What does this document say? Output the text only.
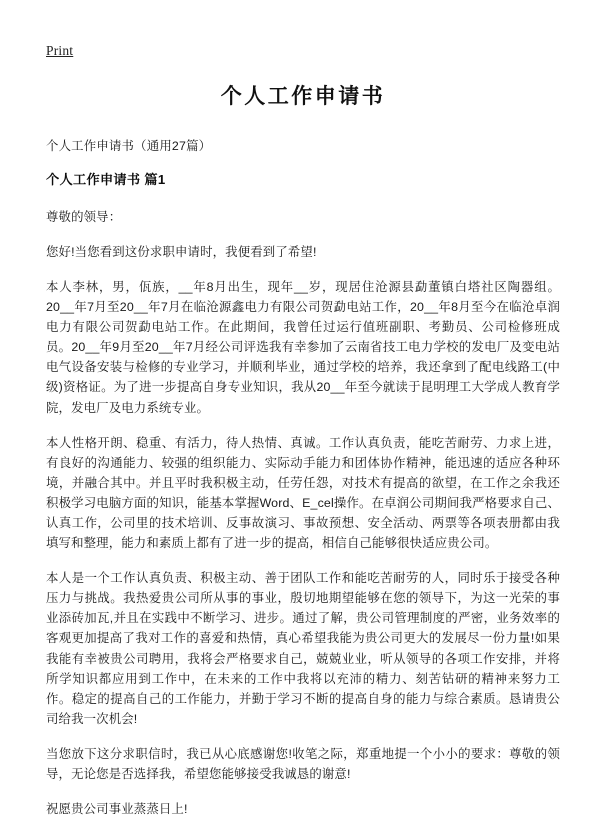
Print
个人工作申请书

个人工作申请书（通用27篇）

个人工作申请书 篇1

尊敬的领导：

您好!当您看到这份求职申请时，我便看到了希望!

本人李林，男，佤族，__年8月出生，现年__岁，现居住沧源县勐董镇白塔社区陶器组。20__年7月至20__年7月在临沧源鑫电力有限公司贺勐电站工作，20__年8月至今在临沧卓润电力有限公司贺勐电站工作。在此期间，我曾任过运行值班副职、考勤员、公司检修班成员。20__年9月至20__年7月经公司评选我有幸参加了云南省技工电力学校的发电厂及变电站电气设备安装与检修的专业学习，并顺利毕业，通过学校的培养，我还拿到了配电线路工(中级)资格证。为了进一步提高自身专业知识，我从20__年至今就读于昆明理工大学成人教育学院，发电厂及电力系统专业。

本人性格开朗、稳重、有活力，待人热情、真诚。工作认真负责，能吃苦耐劳、力求上进，有良好的沟通能力、较强的组织能力、实际动手能力和团体协作精神，能迅速的适应各种环境，并融合其中。并且平时我积极主动，任劳任怨，对技术有提高的欲望，在工作之余我还积极学习电脑方面的知识，能基本掌握Word、E_cel操作。在卓润公司期间我严格要求自己、认真工作，公司里的技术培训、反事故演习、事故预想、安全活动、两票等各项表册都由我填写和整理，能力和素质上都有了进一步的提高，相信自己能够很快适应贵公司。

本人是一个工作认真负责、积极主动、善于团队工作和能吃苦耐劳的人，同时乐于接受各种压力与挑战。我热爱贵公司所从事的事业，殷切地期望能够在您的领导下，为这一光荣的事业添砖加瓦,并且在实践中不断学习、进步。通过了解，贵公司管理制度的严密，业务效率的客观更加提高了我对工作的喜爱和热情，真心希望我能为贵公司更大的发展尽一份力量!如果我能有幸被贵公司聘用，我将会严格要求自己，兢兢业业，听从领导的各项工作安排，并将所学知识都应用到工作中，在未来的工作中我将以充沛的精力、刻苦钻研的精神来努力工作。稳定的提高自己的工作能力，并勤于学习不断的提高自身的能力与综合素质。恳请贵公司给我一次机会!

当您放下这分求职信时，我已从心底感谢您!收笔之际，郑重地提一个小小的要求：尊敬的领导，无论您是否选择我，希望您能够接受我诚恳的谢意!

祝愿贵公司事业蒸蒸日上!
